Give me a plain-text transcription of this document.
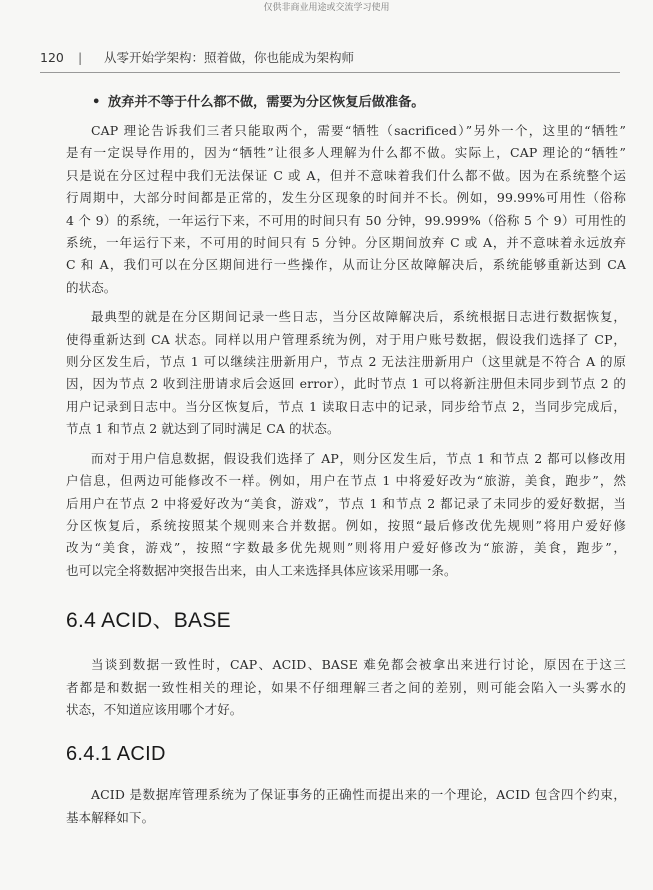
仅供非商业用途或交流学习使用
120 | 从零开始学架构：照着做，你也能成为架构师
• 放弃并不等于什么都不做，需要为分区恢复后做准备。

CAP 理论告诉我们三者只能取两个，需要“牺牲（sacrificed）”另外一个，这里的“牺牲”
是有一定误导作用的，因为“牺牲”让很多人理解为什么都不做。实际上，CAP 理论的“牺牲”
只是说在分区过程中我们无法保证 C 或 A，但并不意味着我们什么都不做。因为在系统整个运
行周期中，大部分时间都是正常的，发生分区现象的时间并不长。例如，99.99%可用性（俗称
4 个 9）的系统，一年运行下来，不可用的时间只有 50 分钟，99.999%（俗称 5 个 9）可用性的
系统，一年运行下来，不可用的时间只有 5 分钟。分区期间放弃 C 或 A，并不意味着永远放弃
C 和 A，我们可以在分区期间进行一些操作，从而让分区故障解决后，系统能够重新达到 CA
的状态。

最典型的就是在分区期间记录一些日志，当分区故障解决后，系统根据日志进行数据恢复，
使得重新达到 CA 状态。同样以用户管理系统为例，对于用户账号数据，假设我们选择了 CP，
则分区发生后，节点 1 可以继续注册新用户，节点 2 无法注册新用户（这里就是不符合 A 的原
因，因为节点 2 收到注册请求后会返回 error），此时节点 1 可以将新注册但未同步到节点 2 的
用户记录到日志中。当分区恢复后，节点 1 读取日志中的记录，同步给节点 2，当同步完成后，
节点 1 和节点 2 就达到了同时满足 CA 的状态。

而对于用户信息数据，假设我们选择了 AP，则分区发生后，节点 1 和节点 2 都可以修改用
户信息，但两边可能修改不一样。例如，用户在节点 1 中将爱好改为“旅游，美食，跑步”，然
后用户在节点 2 中将爱好改为“美食，游戏”，节点 1 和节点 2 都记录了未同步的爱好数据，当
分区恢复后，系统按照某个规则来合并数据。例如，按照“最后修改优先规则”将用户爱好修
改为“美食，游戏”，按照“字数最多优先规则”则将用户爱好修改为“旅游，美食，跑步”，
也可以完全将数据冲突报告出来，由人工来选择具体应该采用哪一条。

6.4 ACID、BASE

当谈到数据一致性时，CAP、ACID、BASE 难免都会被拿出来进行讨论，原因在于这三
者都是和数据一致性相关的理论，如果不仔细理解三者之间的差别，则可能会陷入一头雾水的
状态，不知道应该用哪个才好。

6.4.1 ACID

ACID 是数据库管理系统为了保证事务的正确性而提出来的一个理论，ACID 包含四个约束，
基本解释如下。
